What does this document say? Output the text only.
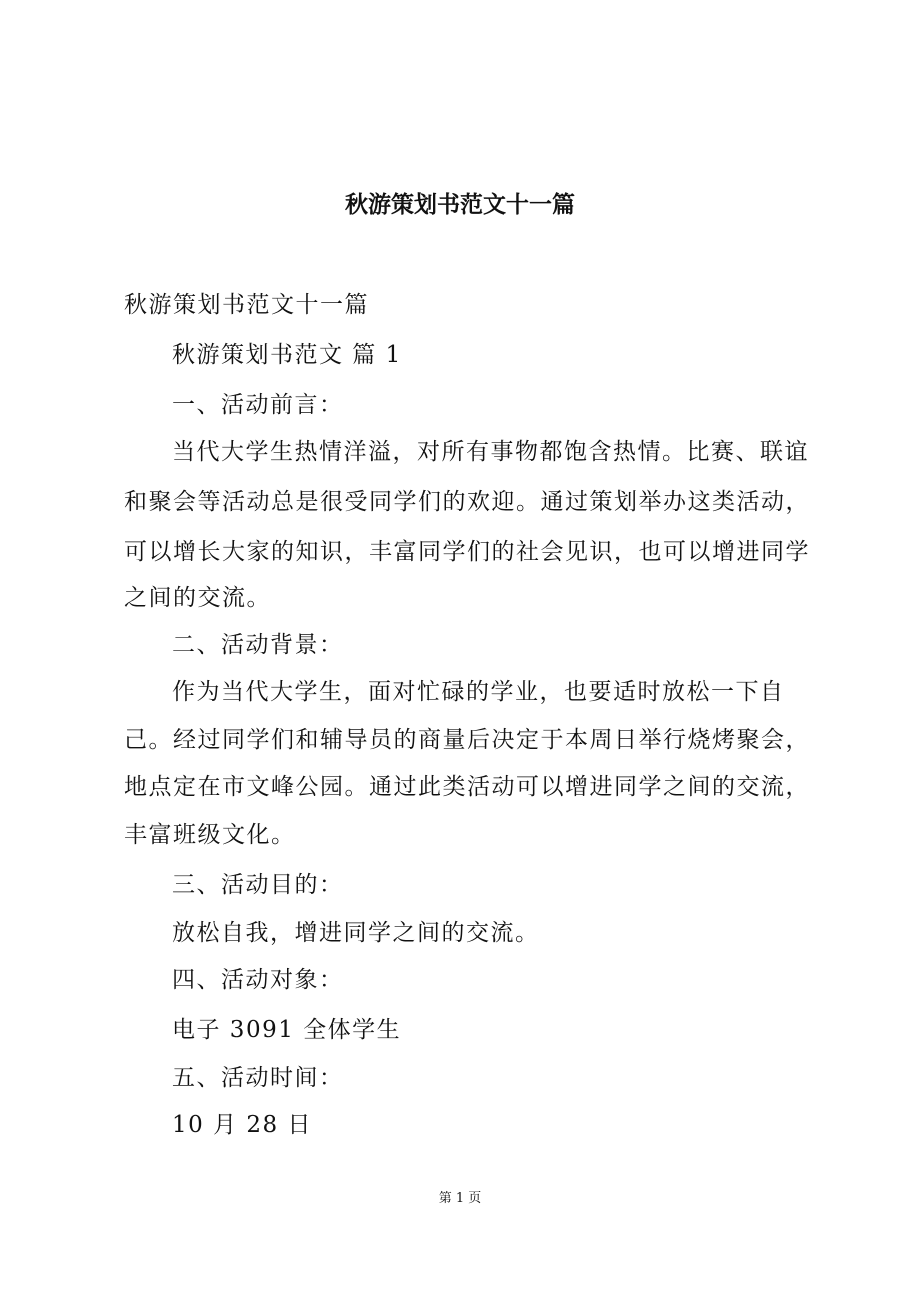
秋游策划书范文十一篇

秋游策划书范文十一篇

秋游策划书范文 篇 1

一、活动前言：

当代大学生热情洋溢，对所有事物都饱含热情。比赛、联谊

和聚会等活动总是很受同学们的欢迎。通过策划举办这类活动，

可以增长大家的知识，丰富同学们的社会见识，也可以增进同学

之间的交流。

二、活动背景：

作为当代大学生，面对忙碌的学业，也要适时放松一下自

己。经过同学们和辅导员的商量后决定于本周日举行烧烤聚会，

地点定在市文峰公园。通过此类活动可以增进同学之间的交流，

丰富班级文化。

三、活动目的：

放松自我，增进同学之间的交流。

四、活动对象：

电子 3091 全体学生

五、活动时间：

10 月 28 日

第 1 页
